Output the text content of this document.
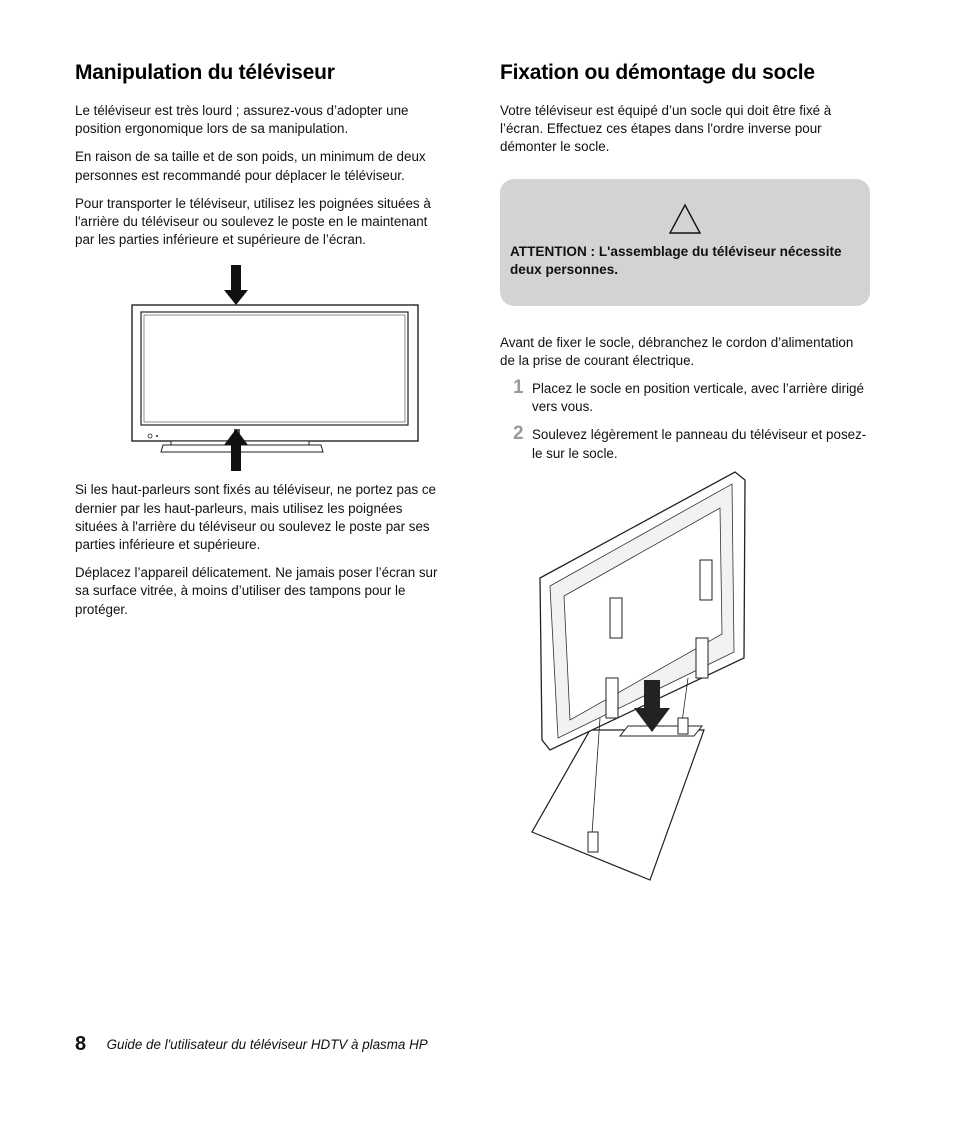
Manipulation du téléviseur

Le téléviseur est très lourd ; assurez-vous d’adopter une position ergonomique lors de sa manipulation.

En raison de sa taille et de son poids, un minimum de deux personnes est recommandé pour déplacer le téléviseur.

Pour transporter le téléviseur, utilisez les poignées situées à l'arrière du téléviseur ou soulevez le poste en le maintenant par les parties inférieure et supérieure de l’écran.

Si les haut-parleurs sont fixés au téléviseur, ne portez pas ce dernier par les haut-parleurs, mais utilisez les poignées situées à l'arrière du téléviseur ou soulevez le poste par ses parties inférieure et supérieure.

Déplacez l’appareil délicatement. Ne jamais poser l’écran sur sa surface vitrée, à moins d’utiliser des tampons pour le protéger.

Fixation ou démontage du socle

Votre téléviseur est équipé d’un socle qui doit être fixé à l’écran. Effectuez ces étapes dans l'ordre inverse pour démonter le socle.

ATTENTION : L'assemblage du téléviseur nécessite deux personnes.

Avant de fixer le socle, débranchez le cordon d’alimentation de la prise de courant électrique.

1 Placez le socle en position verticale, avec l’arrière dirigé vers vous.
2 Soulevez légèrement le panneau du téléviseur et posez-le sur le socle.
8 Guide de l'utilisateur du téléviseur HDTV à plasma HP
